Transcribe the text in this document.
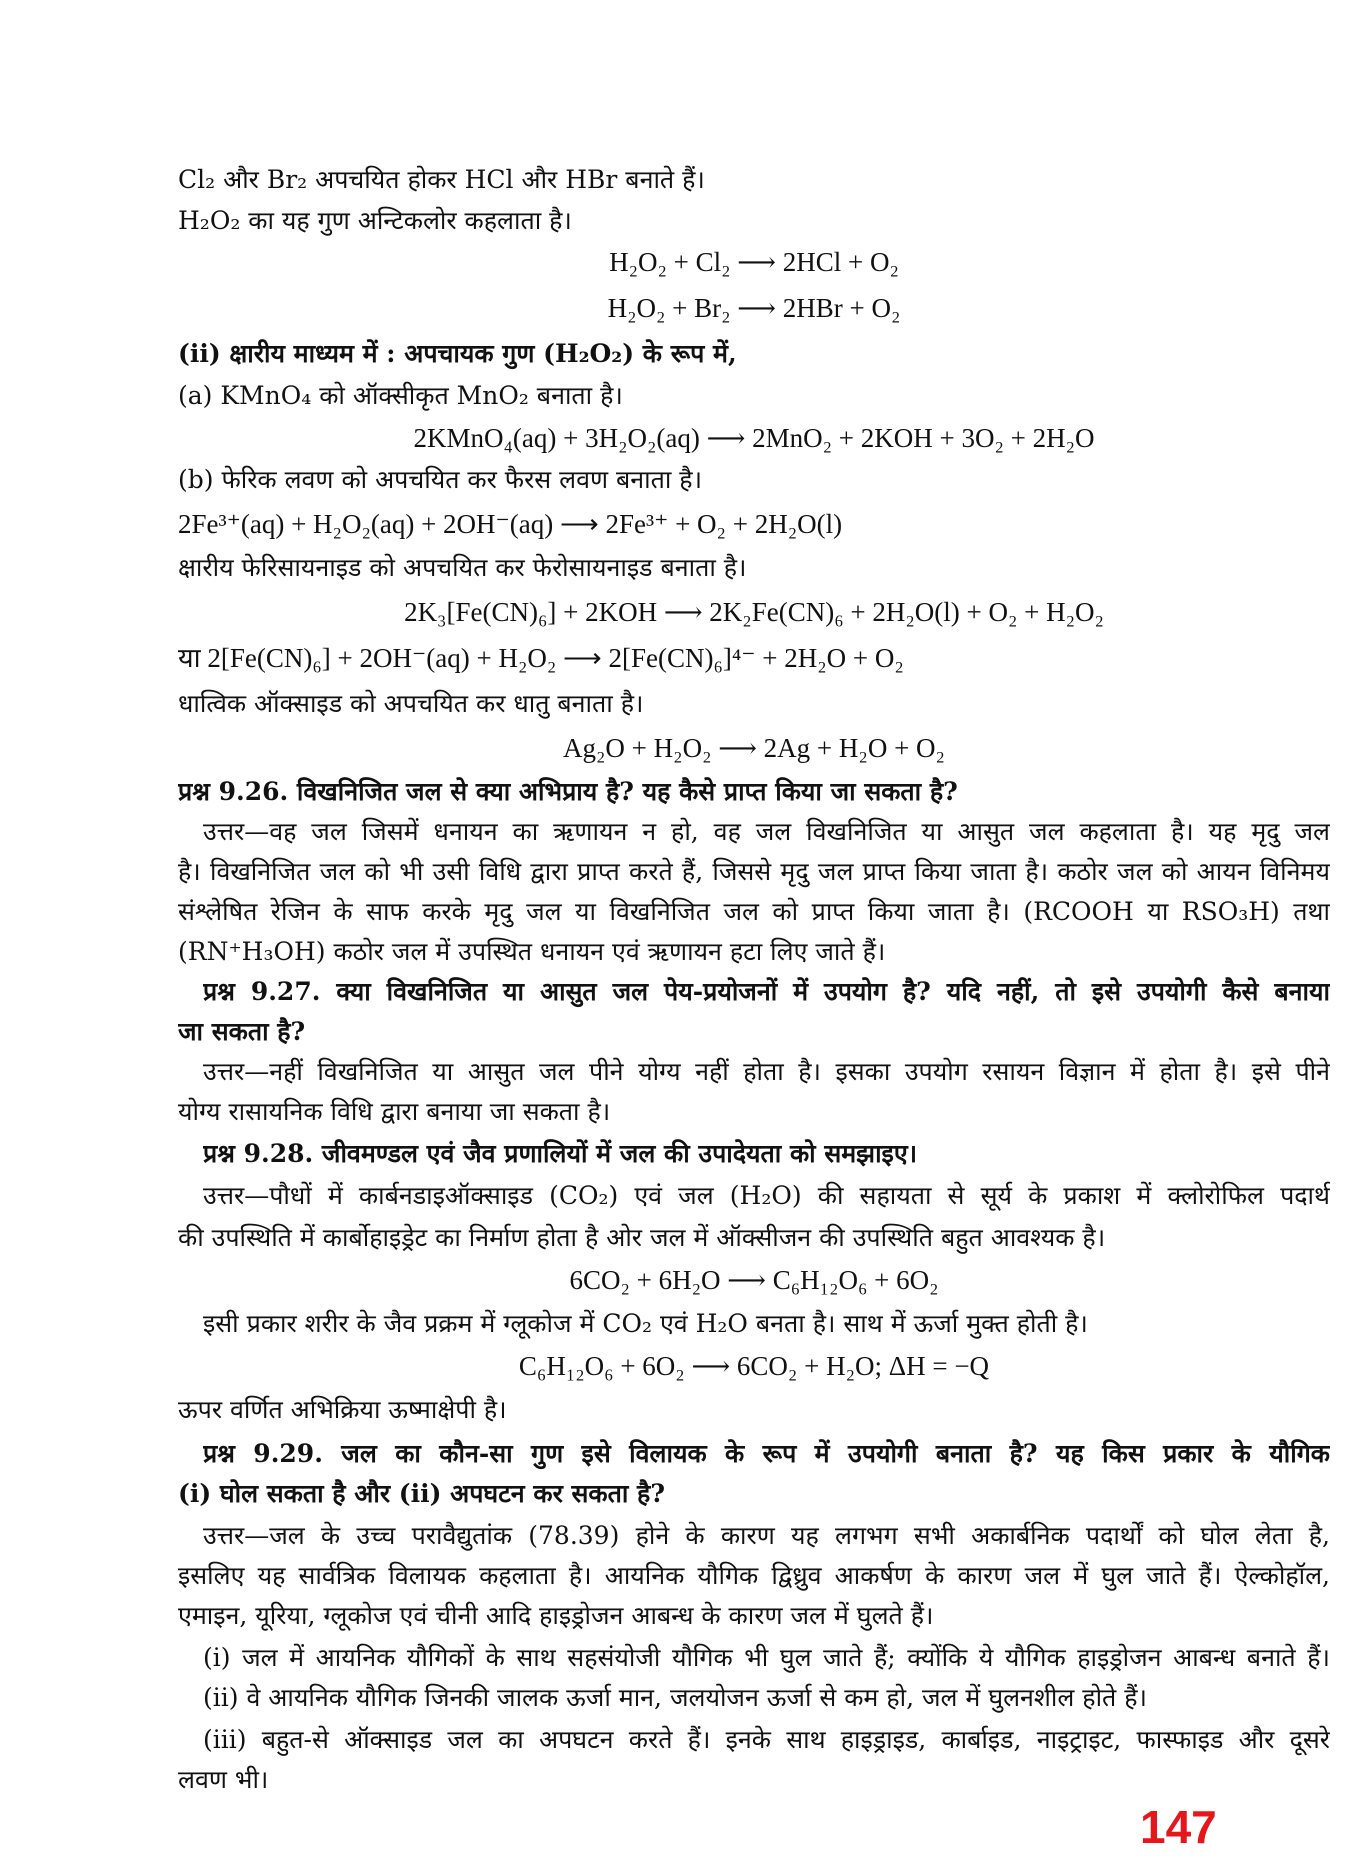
Cl₂ और Br₂ अपचयित होकर HCl और HBr बनाते हैं।
H₂O₂ का यह गुण अन्टिकलोर कहलाता है।
H₂O₂ + Cl₂ ⟶ 2HCl + O₂
H₂O₂ + Br₂ ⟶ 2HBr + O₂
(ii) क्षारीय माध्यम में : अपचायक गुण (H₂O₂) के रूप में,
(a) KMnO₄ को ऑक्सीकृत MnO₂ बनाता है।
2KMnO₄(aq) + 3H₂O₂(aq) ⟶ 2MnO₂ + 2KOH + 3O₂ + 2H₂O
(b) फेरिक लवण को अपचयित कर फैरस लवण बनाता है।
2Fe³⁺(aq) + H₂O₂(aq) + 2OH⁻(aq) ⟶ 2Fe³⁺ + O₂ + 2H₂O(l)
क्षारीय फेरिसायनाइड को अपचयित कर फेरोसायनाइड बनाता है।
2K₃[Fe(CN)₆] + 2KOH ⟶ 2K₂Fe(CN)₆ + 2H₂O(l) + O₂ + H₂O₂
या 2[Fe(CN)₆] + 2OH⁻(aq) + H₂O₂ ⟶ 2[Fe(CN)₆]⁴⁻ + 2H₂O + O₂
धात्विक ऑक्साइड को अपचयित कर धातु बनाता है।
Ag₂O + H₂O₂ ⟶ 2Ag + H₂O + O₂
प्रश्न 9.26. विखनिजित जल से क्या अभिप्राय है? यह कैसे प्राप्त किया जा सकता है?
उत्तर—वह जल जिसमें धनायन का ऋणायन न हो, वह जल विखनिजित या आसुत जल कहलाता है। यह मृदु जल
है। विखनिजित जल को भी उसी विधि द्वारा प्राप्त करते हैं, जिससे मृदु जल प्राप्त किया जाता है। कठोर जल को आयन विनिमय
संश्लेषित रेजिन के साफ करके मृदु जल या विखनिजित जल को प्राप्त किया जाता है। (RCOOH या RSO₃H) तथा
(RN⁺H₃OH) कठोर जल में उपस्थित धनायन एवं ऋणायन हटा लिए जाते हैं।
प्रश्न 9.27. क्या विखनिजित या आसुत जल पेय-प्रयोजनों में उपयोग है? यदि नहीं, तो इसे उपयोगी कैसे बनाया
जा सकता है?
उत्तर—नहीं विखनिजित या आसुत जल पीने योग्य नहीं होता है। इसका उपयोग रसायन विज्ञान में होता है। इसे पीने
योग्य रासायनिक विधि द्वारा बनाया जा सकता है।
प्रश्न 9.28. जीवमण्डल एवं जैव प्रणालियों में जल की उपादेयता को समझाइए।
उत्तर—पौधों में कार्बनडाइऑक्साइड (CO₂) एवं जल (H₂O) की सहायता से सूर्य के प्रकाश में क्लोरोफिल पदार्थ
की उपस्थिति में कार्बोहाइड्रेट का निर्माण होता है ओर जल में ऑक्सीजन की उपस्थिति बहुत आवश्यक है।
6CO₂ + 6H₂O ⟶ C₆H₁₂O₆ + 6O₂
इसी प्रकार शरीर के जैव प्रक्रम में ग्लूकोज में CO₂ एवं H₂O बनता है। साथ में ऊर्जा मुक्त होती है।
C₆H₁₂O₆ + 6O₂ ⟶ 6CO₂ + H₂O; ΔH = −Q
ऊपर वर्णित अभिक्रिया ऊष्माक्षेपी है।
प्रश्न 9.29. जल का कौन-सा गुण इसे विलायक के रूप में उपयोगी बनाता है? यह किस प्रकार के यौगिक
(i) घोल सकता है और (ii) अपघटन कर सकता है?
उत्तर—जल के उच्च परावैद्युतांक (78.39) होने के कारण यह लगभग सभी अकार्बनिक पदार्थों को घोल लेता है,
इसलिए यह सार्वत्रिक विलायक कहलाता है। आयनिक यौगिक द्विध्रुव आकर्षण के कारण जल में घुल जाते हैं। ऐल्कोहॉल,
एमाइन, यूरिया, ग्लूकोज एवं चीनी आदि हाइड्रोजन आबन्ध के कारण जल में घुलते हैं।
(i) जल में आयनिक यौगिकों के साथ सहसंयोजी यौगिक भी घुल जाते हैं; क्योंकि ये यौगिक हाइड्रोजन आबन्ध बनाते हैं।
(ii) वे आयनिक यौगिक जिनकी जालक ऊर्जा मान, जलयोजन ऊर्जा से कम हो, जल में घुलनशील होते हैं।
(iii) बहुत-से ऑक्साइड जल का अपघटन करते हैं। इनके साथ हाइड्राइड, कार्बाइड, नाइट्राइट, फास्फाइड और दूसरे
लवण भी।
147
